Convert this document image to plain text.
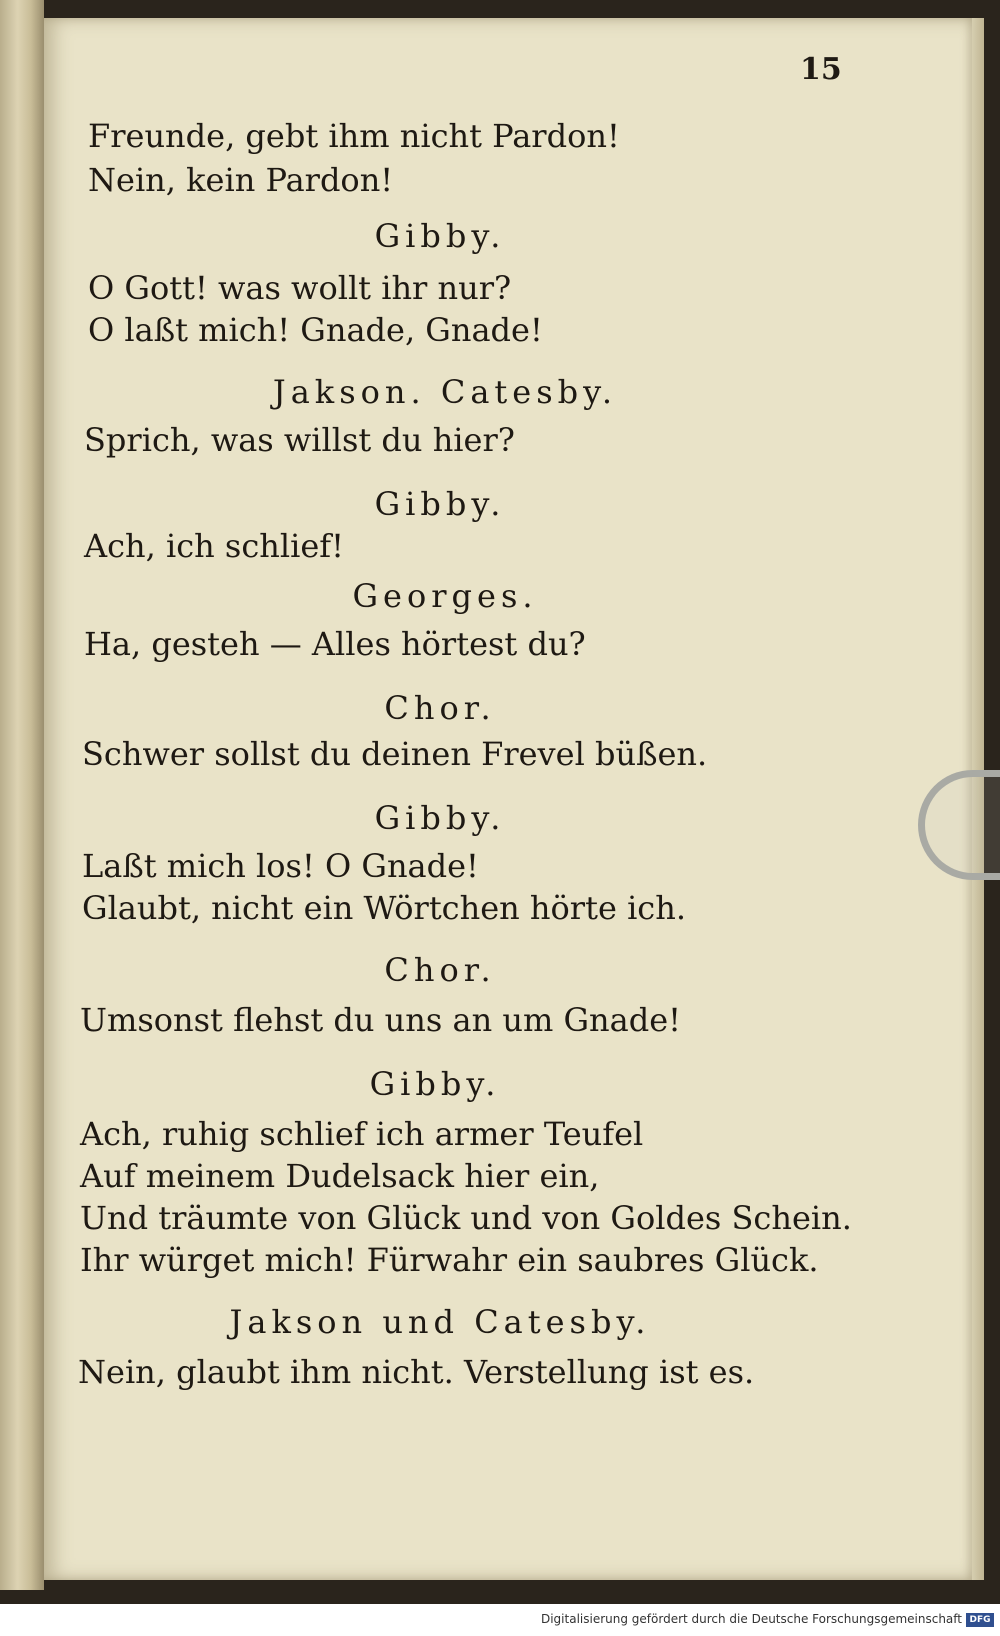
15
Freunde, gebt ihm nicht Pardon!
Nein, kein Pardon!
Gibby.
O Gott! was wollt ihr nur?
O laßt mich! Gnade, Gnade!
Jakson. Catesby.
Sprich, was willst du hier?
Gibby.
Ach, ich schlief!
Georges.
Ha, gesteh — Alles hörtest du?
Chor.
Schwer sollst du deinen Frevel büßen.
Gibby.
Laßt mich los! O Gnade!
Glaubt, nicht ein Wörtchen hörte ich.
Chor.
Umsonst flehst du uns an um Gnade!
Gibby.
Ach, ruhig schlief ich armer Teufel
Auf meinem Dudelsack hier ein,
Und träumte von Glück und von Goldes Schein.
Ihr würget mich! Fürwahr ein saubres Glück.
Jakson und Catesby.
Nein, glaubt ihm nicht. Verstellung ist es.
Digitalisierung gefördert durch die Deutsche Forschungsgemeinschaft DFG
